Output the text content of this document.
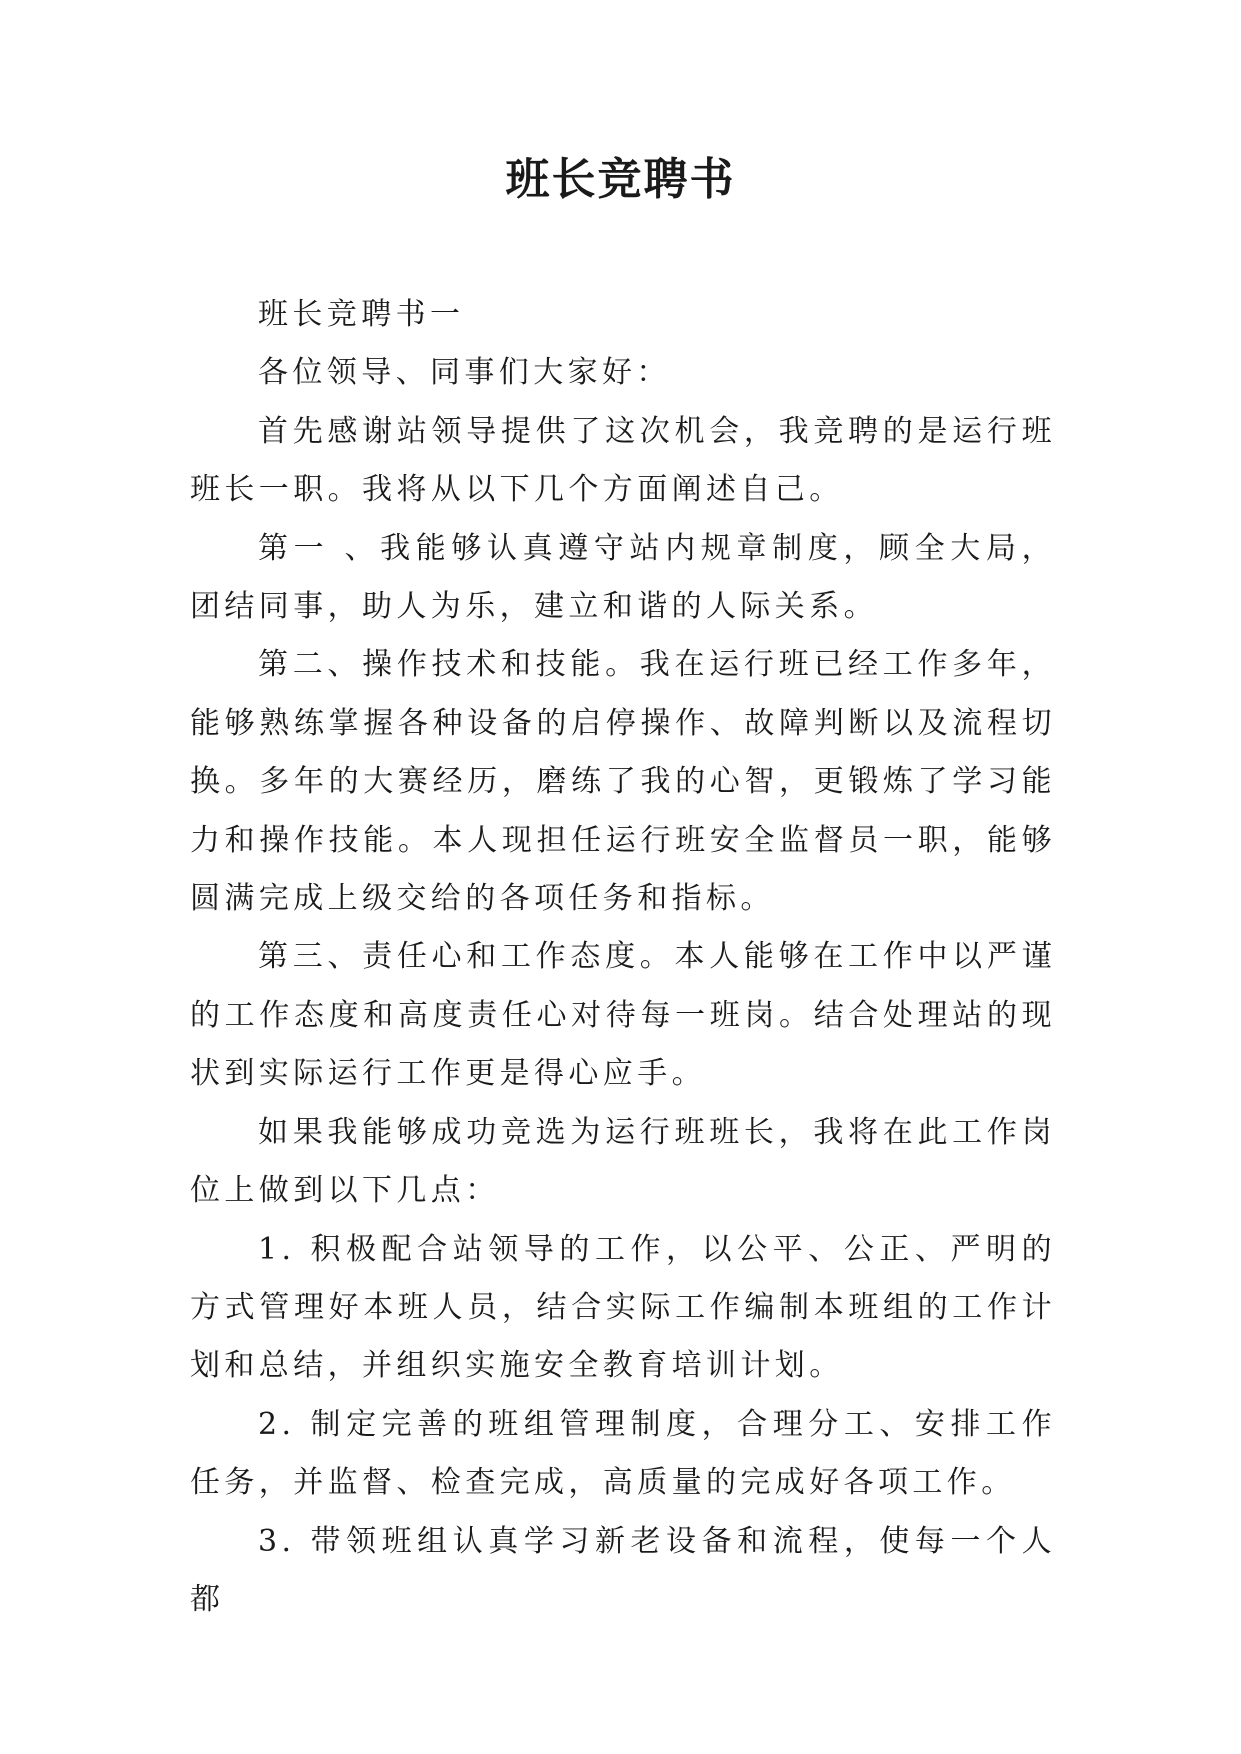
班长竞聘书

班长竞聘书一

各位领导、同事们大家好：

首先感谢站领导提供了这次机会，我竞聘的是运行班班长一职。我将从以下几个方面阐述自己。

第一 、我能够认真遵守站内规章制度，顾全大局，团结同事，助人为乐，建立和谐的人际关系。

第二、操作技术和技能。我在运行班已经工作多年，能够熟练掌握各种设备的启停操作、故障判断以及流程切换。多年的大赛经历，磨练了我的心智，更锻炼了学习能力和操作技能。本人现担任运行班安全监督员一职，能够圆满完成上级交给的各项任务和指标。

第三、责任心和工作态度。本人能够在工作中以严谨的工作态度和高度责任心对待每一班岗。结合处理站的现状到实际运行工作更是得心应手。

如果我能够成功竞选为运行班班长，我将在此工作岗位上做到以下几点：

1. 积极配合站领导的工作，以公平、公正、严明的方式管理好本班人员，结合实际工作编制本班组的工作计划和总结，并组织实施安全教育培训计划。

2. 制定完善的班组管理制度，合理分工、安排工作任务，并监督、检查完成，高质量的完成好各项工作。

3. 带领班组认真学习新老设备和流程，使每一个人都
